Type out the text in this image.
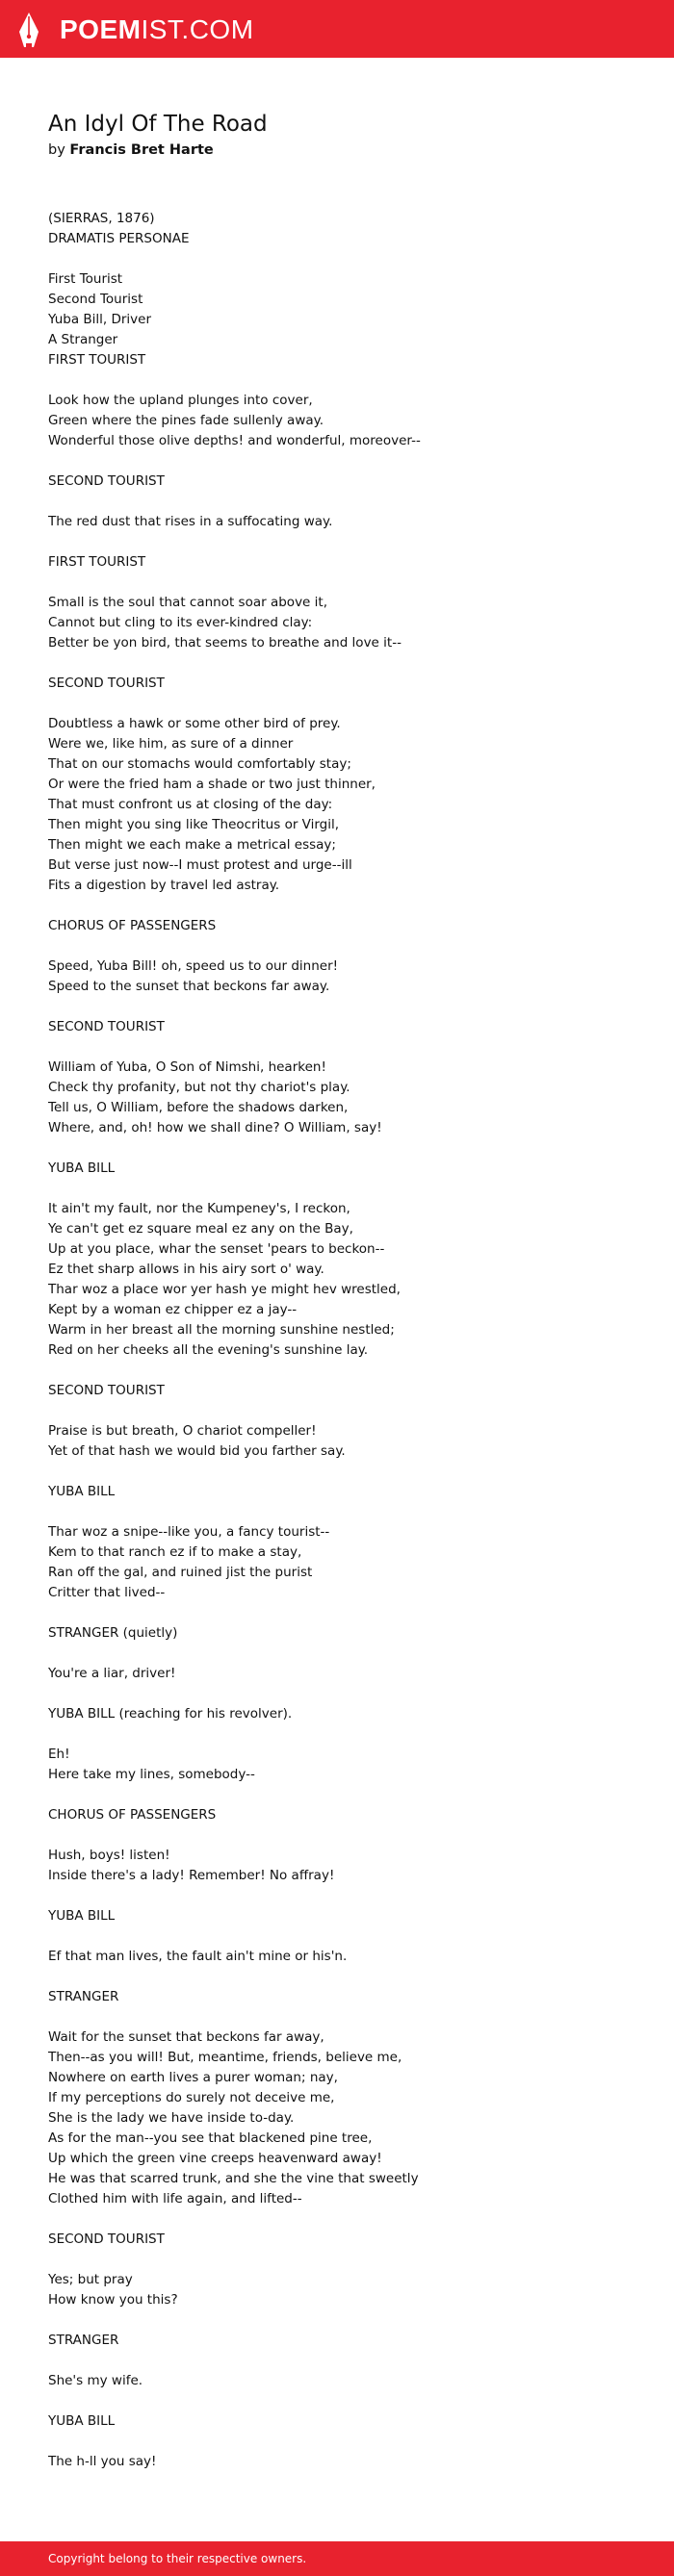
POEMIST.COM
An Idyl Of The Road
by Francis Bret Harte
(SIERRAS, 1876)
DRAMATIS PERSONAE
First Tourist
Second Tourist
Yuba Bill, Driver
A Stranger
FIRST TOURIST
Look how the upland plunges into cover,
Green where the pines fade sullenly away.
Wonderful those olive depths! and wonderful, moreover--
SECOND TOURIST
The red dust that rises in a suffocating way.
FIRST TOURIST
Small is the soul that cannot soar above it,
Cannot but cling to its ever-kindred clay:
Better be yon bird, that seems to breathe and love it--
SECOND TOURIST
Doubtless a hawk or some other bird of prey.
Were we, like him, as sure of a dinner
That on our stomachs would comfortably stay;
Or were the fried ham a shade or two just thinner,
That must confront us at closing of the day:
Then might you sing like Theocritus or Virgil,
Then might we each make a metrical essay;
But verse just now--I must protest and urge--ill
Fits a digestion by travel led astray.
CHORUS OF PASSENGERS
Speed, Yuba Bill! oh, speed us to our dinner!
Speed to the sunset that beckons far away.
SECOND TOURIST
William of Yuba, O Son of Nimshi, hearken!
Check thy profanity, but not thy chariot's play.
Tell us, O William, before the shadows darken,
Where, and, oh! how we shall dine? O William, say!
YUBA BILL
It ain't my fault, nor the Kumpeney's, I reckon,
Ye can't get ez square meal ez any on the Bay,
Up at you place, whar the senset 'pears to beckon--
Ez thet sharp allows in his airy sort o' way.
Thar woz a place wor yer hash ye might hev wrestled,
Kept by a woman ez chipper ez a jay--
Warm in her breast all the morning sunshine nestled;
Red on her cheeks all the evening's sunshine lay.
SECOND TOURIST
Praise is but breath, O chariot compeller!
Yet of that hash we would bid you farther say.
YUBA BILL
Thar woz a snipe--like you, a fancy tourist--
Kem to that ranch ez if to make a stay,
Ran off the gal, and ruined jist the purist
Critter that lived--
STRANGER (quietly)
You're a liar, driver!
YUBA BILL (reaching for his revolver).
Eh!
Here take my lines, somebody--
CHORUS OF PASSENGERS
Hush, boys! listen!
Inside there's a lady! Remember! No affray!
YUBA BILL
Ef that man lives, the fault ain't mine or his'n.
STRANGER
Wait for the sunset that beckons far away,
Then--as you will! But, meantime, friends, believe me,
Nowhere on earth lives a purer woman; nay,
If my perceptions do surely not deceive me,
She is the lady we have inside to-day.
As for the man--you see that blackened pine tree,
Up which the green vine creeps heavenward away!
He was that scarred trunk, and she the vine that sweetly
Clothed him with life again, and lifted--
SECOND TOURIST
Yes; but pray
How know you this?
STRANGER
She's my wife.
YUBA BILL
The h-ll you say!
Copyright belong to their respective owners.
